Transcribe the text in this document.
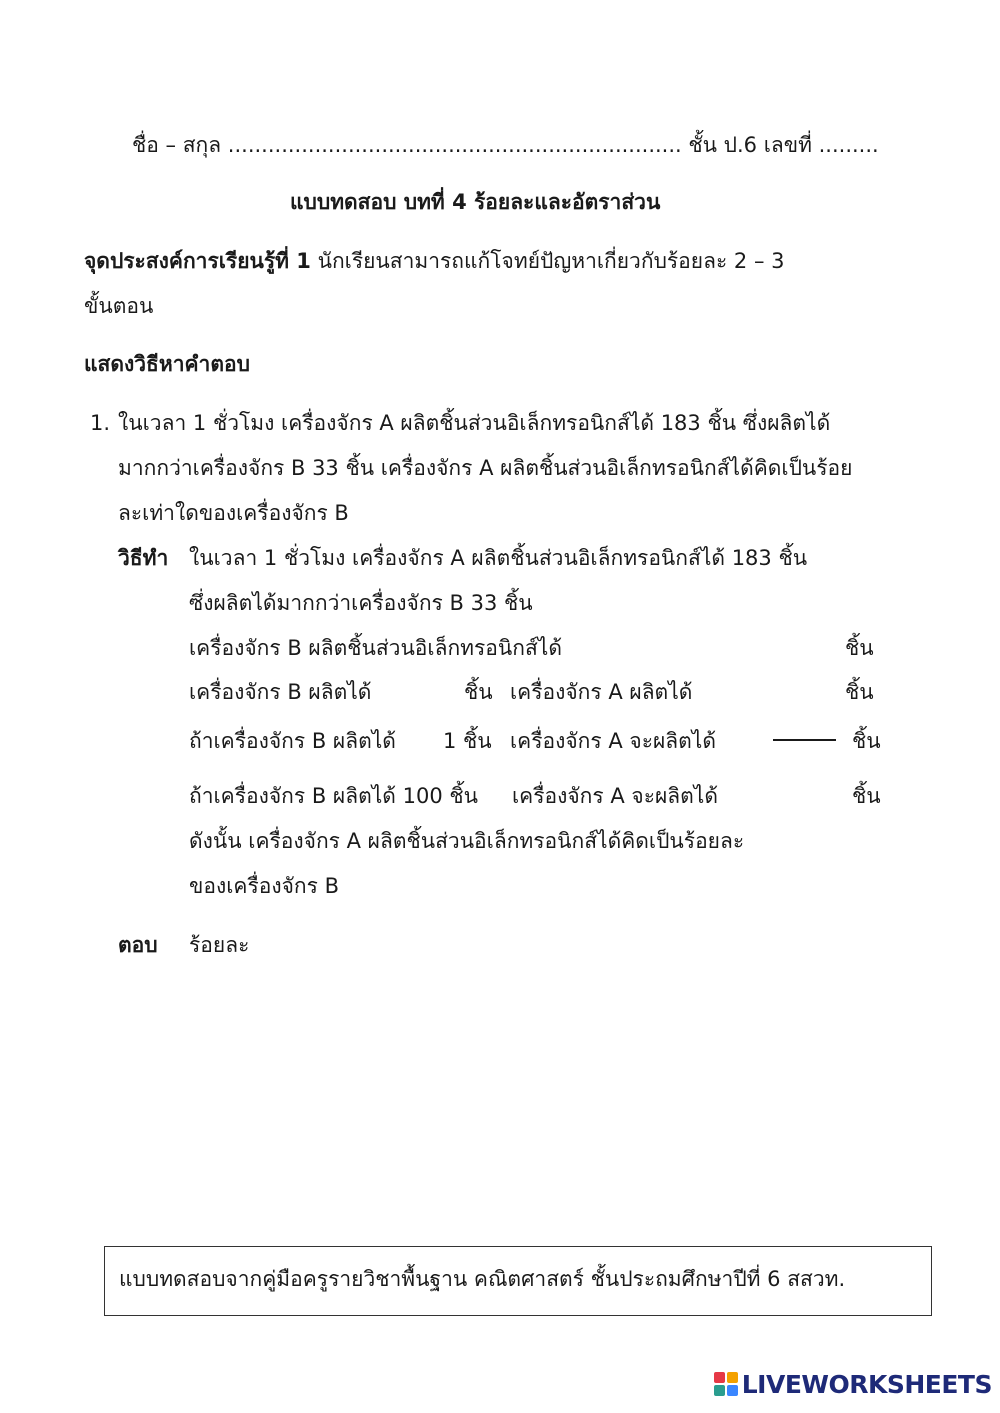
ชื่อ – สกุล .................................................................... ชั้น ป.6 เลขที่ .........
แบบทดสอบ บทที่ 4 ร้อยละและอัตราส่วน
จุดประสงค์การเรียนรู้ที่ 1 นักเรียนสามารถแก้โจทย์ปัญหาเกี่ยวกับร้อยละ 2 – 3
ขั้นตอน
แสดงวิธีหาคำตอบ
1. ในเวลา 1 ชั่วโมง เครื่องจักร A ผลิตชิ้นส่วนอิเล็กทรอนิกส์ได้ 183 ชิ้น ซึ่งผลิตได้
มากกว่าเครื่องจักร B 33 ชิ้น เครื่องจักร A ผลิตชิ้นส่วนอิเล็กทรอนิกส์ได้คิดเป็นร้อย
ละเท่าใดของเครื่องจักร B
วิธีทำ ในเวลา 1 ชั่วโมง เครื่องจักร A ผลิตชิ้นส่วนอิเล็กทรอนิกส์ได้ 183 ชิ้น
ซึ่งผลิตได้มากกว่าเครื่องจักร B 33 ชิ้น
เครื่องจักร B ผลิตชิ้นส่วนอิเล็กทรอนิกส์ได้	ชิ้น
เครื่องจักร B ผลิตได้	ชิ้น เครื่องจักร A ผลิตได้	ชิ้น
ถ้าเครื่องจักร B ผลิตได้ 1 ชิ้น เครื่องจักร A จะผลิตได้	ชิ้น
ถ้าเครื่องจักร B ผลิตได้ 100 ชิ้น เครื่องจักร A จะผลิตได้	ชิ้น
ดังนั้น เครื่องจักร A ผลิตชิ้นส่วนอิเล็กทรอนิกส์ได้คิดเป็นร้อยละ
ของเครื่องจักร B
ตอบ ร้อยละ
แบบทดสอบจากคู่มือครูรายวิชาพื้นฐาน คณิตศาสตร์ ชั้นประถมศึกษาปีที่ 6 สสวท.
LIVEWORKSHEETS
